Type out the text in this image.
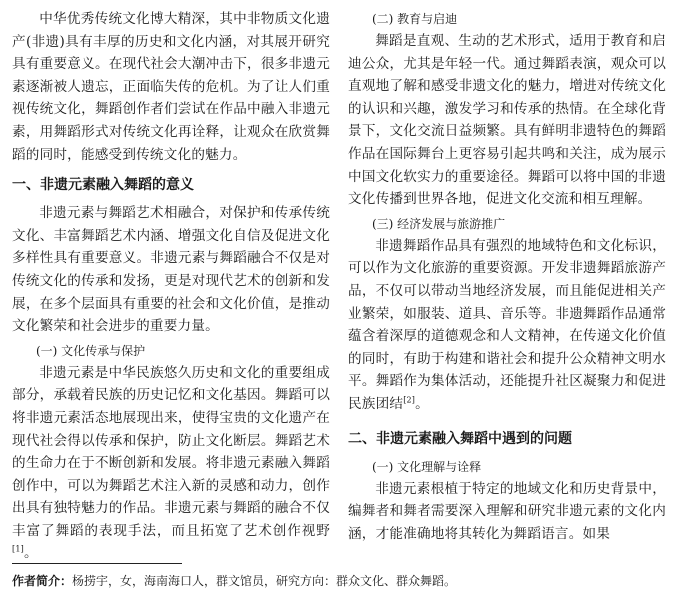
中华优秀传统文化博大精深，其中非物质文化遗产(非遗)具有丰厚的历史和文化内涵，对其展开研究具有重要意义。在现代社会大潮冲击下，很多非遗元素逐渐被人遗忘，正面临失传的危机。为了让人们重视传统文化，舞蹈创作者们尝试在作品中融入非遗元素，用舞蹈形式对传统文化再诠释，让观众在欣赏舞蹈的同时，能感受到传统文化的魅力。

一、非遗元素融入舞蹈的意义

非遗元素与舞蹈艺术相融合，对保护和传承传统文化、丰富舞蹈艺术内涵、增强文化自信及促进文化多样性具有重要意义。非遗元素与舞蹈融合不仅是对传统文化的传承和发扬，更是对现代艺术的创新和发展，在多个层面具有重要的社会和文化价值，是推动文化繁荣和社会进步的重要力量。

(一) 文化传承与保护

非遗元素是中华民族悠久历史和文化的重要组成部分，承载着民族的历史记忆和文化基因。舞蹈可以将非遗元素活态地展现出来，使得宝贵的文化遗产在现代社会得以传承和保护，防止文化断层。舞蹈艺术的生命力在于不断创新和发展。将非遗元素融入舞蹈创作中，可以为舞蹈艺术注入新的灵感和动力，创作出具有独特魅力的作品。非遗元素与舞蹈的融合不仅丰富了舞蹈的表现手法，而且拓宽了艺术创作视野[1]。

(二) 教育与启迪

舞蹈是直观、生动的艺术形式，适用于教育和启迪公众，尤其是年轻一代。通过舞蹈表演，观众可以直观地了解和感受非遗文化的魅力，增进对传统文化的认识和兴趣，激发学习和传承的热情。在全球化背景下，文化交流日益频繁。具有鲜明非遗特色的舞蹈作品在国际舞台上更容易引起共鸣和关注，成为展示中国文化软实力的重要途径。舞蹈可以将中国的非遗文化传播到世界各地，促进文化交流和相互理解。

(三) 经济发展与旅游推广

非遗舞蹈作品具有强烈的地域特色和文化标识，可以作为文化旅游的重要资源。开发非遗舞蹈旅游产品，不仅可以带动当地经济发展，而且能促进相关产业繁荣，如服装、道具、音乐等。非遗舞蹈作品通常蕴含着深厚的道德观念和人文精神，在传递文化价值的同时，有助于构建和谐社会和提升公众精神文明水平。舞蹈作为集体活动，还能提升社区凝聚力和促进民族团结[2]。

二、非遗元素融入舞蹈中遇到的问题
(一) 文化理解与诠释

非遗元素根植于特定的地域文化和历史背景中，编舞者和舞者需要深入理解和研究非遗元素的文化内涵，才能准确地将其转化为舞蹈语言。如果

作者简介：杨捞宇，女，海南海口人，群文馆员，研究方向：群众文化、群众舞蹈。
